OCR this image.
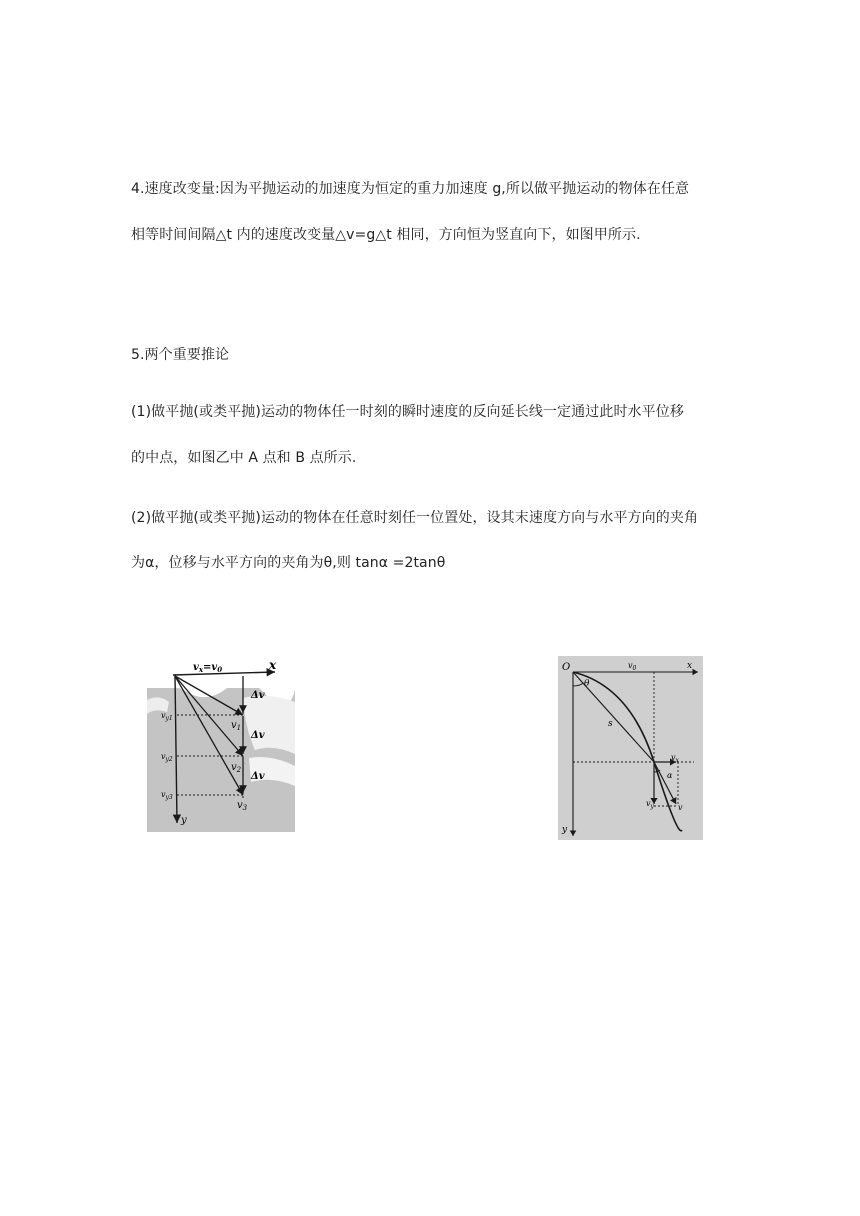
4.速度改变量:因为平抛运动的加速度为恒定的重力加速度 g,所以做平抛运动的物体在任意
相等时间间隔△t 内的速度改变量△v=g△t 相同，方向恒为竖直向下，如图甲所示.
5.两个重要推论
(1)做平抛(或类平抛)运动的物体任一时刻的瞬时速度的反向延长线一定通过此时水平位移
的中点，如图乙中 A 点和 B 点所示.
(2)做平抛(或类平抛)运动的物体在任意时刻任一位置处，设其末速度方向与水平方向的夹角
为α，位移与水平方向的夹角为θ,则 tanα =2tanθ
$v_x=v_0$	x
y
Δv
Δv
Δv
$v_{y1}$
$v_{y2}$
$v_{y3}$
$v_1$
$v_2$
$v_3$
O	$v_0$	x
y
θ
s
$v_x$
α
$v_y$	v
